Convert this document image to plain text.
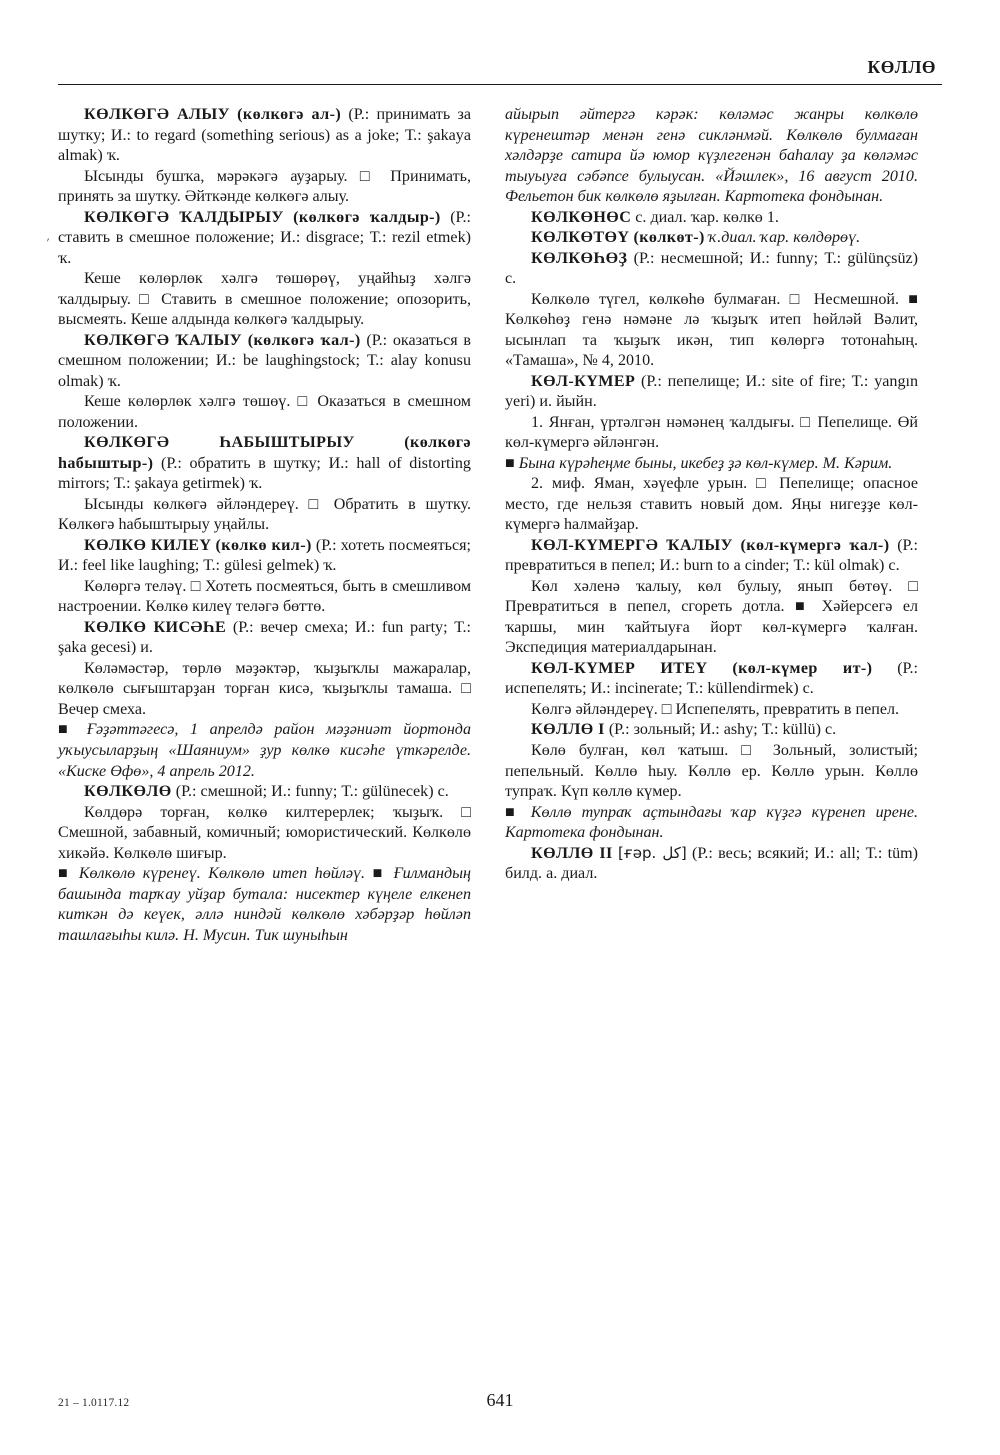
′
КӨЛЛӨ

КӨЛКӨГӘ АЛЫУ (көлкөгә ал-) (Р.: принимать за шутку; И.: to regard (something serious) as a joke; Т.: şakaya almak) ҡ.

Ысынды бушҡа, мәрәкәгә ауҙарыу. □ Принимать, принять за шутку. Әйткәнде көлкөгә алыу.

КӨЛКӨГӘ ҠАЛДЫРЫУ (көлкөгә ҡалдыр-) (Р.: ставить в смешное положение; И.: disgrace; Т.: rezil etmek) ҡ.

Кеше көлөрлөк хәлгә төшөрөү, уңайһыҙ хәлгә ҡалдырыу. □ Ставить в смешное положение; опозорить, высмеять. Кеше алдында көлкөгә ҡалдырыу.

КӨЛКӨГӘ ҠАЛЫУ (көлкөгә ҡал-) (Р.: оказаться в смешном положении; И.: be laughingstock; Т.: alay konusu olmak) ҡ.

Кеше көлөрлөк хәлгә төшөү. □ Оказаться в смешном положении.

КӨЛКӨГӘ ҺАБЫШТЫРЫУ	(көлкөгә һабыштыр-) (Р.: обратить в шутку; И.: hall of distorting mirrors; Т.: şakaya getirmek) ҡ.

Ысынды көлкөгә әйләндереү. □ Обратить в шутку. Көлкөгә һабыштырыу уңайлы.

КӨЛКӨ КИЛЕҮ (көлкө кил-) (Р.: хотеть посмеяться; И.: feel like laughing; Т.: gülesi gelmek) ҡ.

Көлөргә теләү. □ Хотеть посмеяться, быть в смешливом настроении. Көлкө килеү теләгә бөттө.

КӨЛКӨ КИСӘҺЕ (Р.: вечер смеха; И.: fun party; Т.: şaka gecesi) и.

Көләмәстәр, төрлө мәҙәктәр, ҡыҙыҡлы мажаралар, көлкөлө сығыштарҙан торған кисә, ҡыҙыҡлы тамаша. □ Вечер смеха.

■ Ғәҙәттәгесә, 1 апрелдә район мәҙәниәт йортонда уҡыусыларҙың «Шаяниум» ҙур көлкө кисәһе үткәрелде. «Киске Өфө», 4 апрель 2012.

КӨЛКӨЛӨ (Р.: смешной; И.: funny; Т.: gülünecek) с.

Көлдөрә торған, көлкө килтерерлек; ҡыҙыҡ. □ Смешной, забавный, комичный; юмористический. Көлкөлө хикәйә. Көлкөлө шиғыр.

■ Көлкөлө күренеү. Көлкөлө итеп һөйләү. ■ Ғилмандың башында тарҡау уйҙар бутала: нисектер күңеле елкенеп киткән дә кеүек, әллә ниндәй көлкөлө хәбәрҙәр һөйләп ташлағыһы килә. Н. Мусин. Тик шуныһын

айырып әйтергә кәрәк: көләмәс жанры көлкөлө күренештәр менән генә сикләнмәй. Көлкөлө булмаған хәлдәрҙе сатира йә юмор күҙлегенән баһалау ҙа көләмәс тыуыуға сәбәпсе булыусан. «Йәшлек», 16 август 2010. Фельетон бик көлкөлө яҙылған. Картотека фондынан.

КӨЛКӨНӨС с. диал. ҡар. көлкө 1.

КӨЛКӨТӨҮ (көлкөт-) ҡ.диал. ҡар. көлдөрөү.

КӨЛКӨҺӨҘ (Р.: несмешной; И.: funny; Т.: gülünçsüz) с.

Көлкөлө түгел, көлкөһө булмаған. □ Несмешной. ■ Көлкөһөҙ генә нәмәне лә ҡыҙыҡ итеп һөйләй Вәлит, ысынлап та ҡыҙыҡ икән, тип көлөргә тотонаһың. «Тамаша», № 4, 2010.

КӨЛ-КҮМЕР (Р.: пепелище; И.: site of fire; Т.: yangın yeri) и. йыйн.

1. Янған, үртәлгән нәмәнең ҡалдығы. □ Пепелище. Өй көл-күмергә әйләнгән.

■ Бына күрәһеңме быны, икебеҙ ҙә көл-күмер. М. Кәрим.

2. миф. Яман, хәүефле урын. □ Пепелище; опасное место, где нельзя ставить новый дом. Яңы нигеҙҙе көл-күмергә һалмайҙар.

КӨЛ-КҮМЕРГӘ ҠАЛЫУ (көл-күмергә ҡал-) (Р.: превратиться в пепел; И.: burn to a cinder; Т.: kül olmak) с.

Көл хәленә ҡалыу, көл булыу, янып бөтөү. □ Превратиться в пепел, сгореть дотла. ■ Хәйерсегә ел ҡаршы, мин ҡайтыуға йорт көл-күмергә ҡалған. Экспедиция материалдарынан.

КӨЛ-КҮМЕР ИТЕҮ (көл-күмер ит-) (Р.: испепелять; И.: incinerate; Т.: küllendirmek) с.

Көлгә әйләндереү. □ Испепелять, превратить в пепел.

КӨЛЛӨ I (Р.: зольный; И.: ashy; Т.: küllü) с.

Көлө булған, көл ҡатыш. □ Зольный, золистый; пепельный. Көллө һыу. Көллө ер. Көллө урын. Көллө тупраҡ. Күп көллө күмер.

■ Көллө тупраҡ аҫтындағы ҡар күҙгә күренеп ирене. Картотека фондынан.

КӨЛЛӨ II [ғәр. كل] (Р.: весь; всякий; И.: all; Т.: tüm) билд. а. диал.

21 – 1.0117.12	641
